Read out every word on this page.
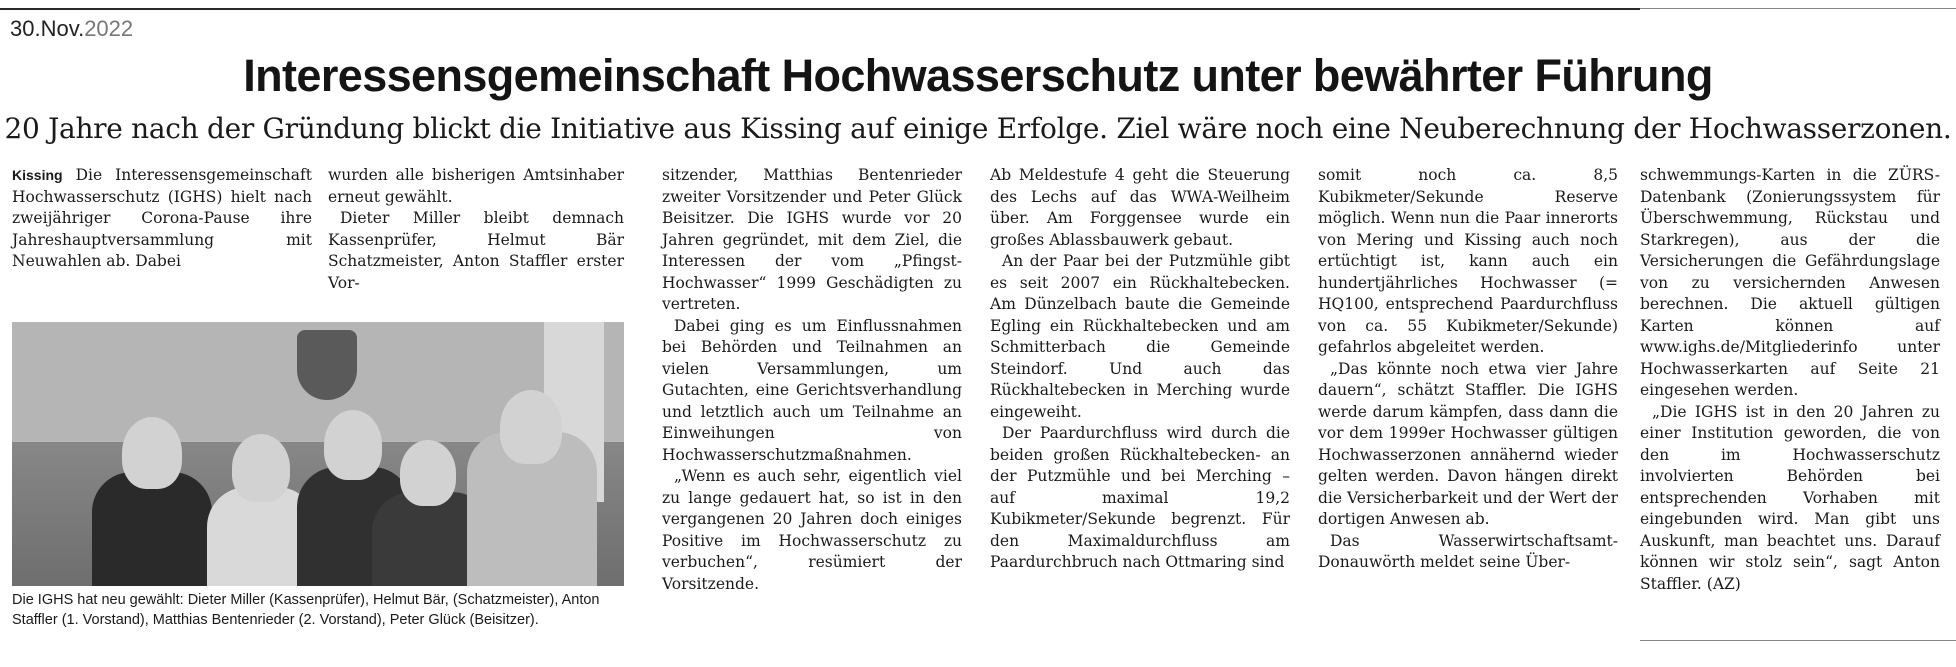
30.Nov.2022
Interessensgemeinschaft Hochwasserschutz unter bewährter Führung
20 Jahre nach der Gründung blickt die Initiative aus Kissing auf einige Erfolge. Ziel wäre noch eine Neuberechnung der Hochwasserzonen.

Kissing Die Interessensgemeinschaft Hochwasserschutz (IGHS) hielt nach zweijähriger Corona-Pause ihre Jahreshauptversammlung mit Neuwahlen ab. Dabei

wurden alle bisherigen Amtsinhaber erneut gewählt.

Dieter Miller bleibt demnach Kassenprüfer, Helmut Bär Schatzmeister, Anton Staffler erster Vor-

Die IGHS hat neu gewählt: Dieter Miller (Kassenprüfer), Helmut Bär, (Schatzmeister), Anton Staffler (1. Vorstand), Matthias Bentenrieder (2. Vorstand), Peter Glück (Beisitzer).

sitzender, Matthias Bentenrieder zweiter Vorsitzender und Peter Glück Beisitzer. Die IGHS wurde vor 20 Jahren gegründet, mit dem Ziel, die Interessen der vom „Pfingst-Hochwasser“ 1999 Geschädigten zu vertreten.

Dabei ging es um Einflussnahmen bei Behörden und Teilnahmen an vielen Versammlungen, um Gutachten, eine Gerichtsverhandlung und letztlich auch um Teilnahme an Einweihungen von Hochwasserschutzmaßnahmen.

„Wenn es auch sehr, eigentlich viel zu lange gedauert hat, so ist in den vergangenen 20 Jahren doch einiges Positive im Hochwasserschutz zu verbuchen“, resümiert der Vorsitzende.

Ab Meldestufe 4 geht die Steuerung des Lechs auf das WWA-Weilheim über. Am Forggensee wurde ein großes Ablassbauwerk gebaut.

An der Paar bei der Putzmühle gibt es seit 2007 ein Rückhaltebecken. Am Dünzelbach baute die Gemeinde Egling ein Rückhaltebecken und am Schmitterbach die Gemeinde Steindorf. Und auch das Rückhaltebecken in Merching wurde eingeweiht.

Der Paardurchfluss wird durch die beiden großen Rückhaltebecken- an der Putzmühle und bei Merching – auf maximal 19,2 Kubikmeter/Sekunde begrenzt. Für den Maximaldurchfluss am Paardurchbruch nach Ottmaring sind

somit noch ca. 8,5 Kubikmeter/Sekunde Reserve möglich. Wenn nun die Paar innerorts von Mering und Kissing auch noch ertüchtigt ist, kann auch ein hundertjährliches Hochwasser (= HQ100, entsprechend Paardurchfluss von ca. 55 Kubikmeter/Sekunde) gefahrlos abgeleitet werden.

„Das könnte noch etwa vier Jahre dauern“, schätzt Staffler. Die IGHS werde darum kämpfen, dass dann die vor dem 1999er Hochwasser gültigen Hochwasserzonen annähernd wieder gelten werden. Davon hängen direkt die Versicherbarkeit und der Wert der dortigen Anwesen ab.

Das Wasserwirtschaftsamt-Donauwörth meldet seine Über-

schwemmungs-Karten in die ZÜRS-Datenbank (Zonierungssystem für Überschwemmung, Rückstau und Starkregen), aus der die Versicherungen die Gefährdungslage von zu versichernden Anwesen berechnen. Die aktuell gültigen Karten können auf www.ighs.de/Mitgliederinfo unter Hochwasserkarten auf Seite 21 eingesehen werden.

„Die IGHS ist in den 20 Jahren zu einer Institution geworden, die von den im Hochwasserschutz involvierten Behörden bei entsprechenden Vorhaben mit eingebunden wird. Man gibt uns Auskunft, man beachtet uns. Darauf können wir stolz sein“, sagt Anton Staffler. (AZ)
